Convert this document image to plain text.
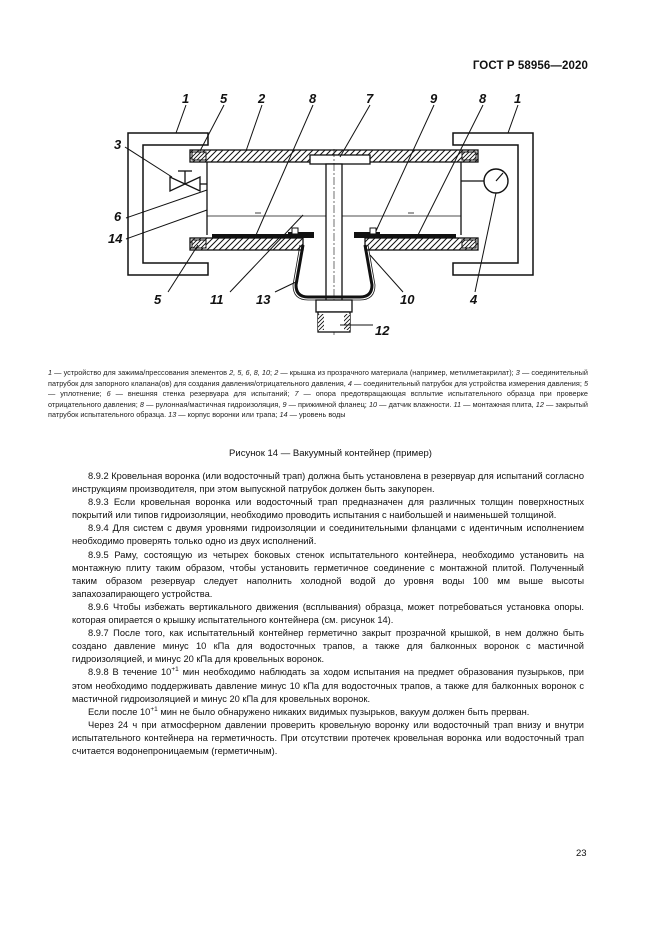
ГОСТ Р 58956—2020
1 5 2	8	7	9	8 1
3
6
14
5	11	13
12
10	4
1 — устройство для зажима/прессования элементов 2, 5, 6, 8, 10; 2 — крышка из прозрачного материала (например, метилметакрилат); 3 — соединительный патрубок для запорного клапана(ов) для создания давления/отрицательного давления, 4 — соединительный патрубок для устройства измерения давления; 5 — уплотнение; 6 — внешняя стенка резервуара для испытаний; 7 — опора предотвращающая всплытие испытательного образца при проверке отрицательного давления; 8 — рулонная/мастичная гидроизоляция, 9 — прижимной фланец; 10 — датчик влажности. 11 — монтажная плита, 12 — закрытый патрубок испытательного образца. 13 — корпус воронки или трапа; 14 — уровень воды
Рисунок 14 — Вакуумный контейнер (пример)

8.9.2 Кровельная воронка (или водосточный трап) должна быть установлена в резервуар для испытаний согласно инструкциям производителя, при этом выпускной патрубок должен быть закупорен.

8.9.3 Если кровельная воронка или водосточный трап предназначен для различных толщин поверхностных покрытий или типов гидроизоляции, необходимо проводить испытания с наибольшей и наименьшей толщиной.

8.9.4 Для систем с двумя уровнями гидроизоляции и соединительными фланцами с идентичным исполнением необходимо проверять только одно из двух исполнений.

8.9.5 Раму, состоящую из четырех боковых стенок испытательного контейнера, необходимо установить на монтажную плиту таким образом, чтобы установить герметичное соединение с монтажной плитой. Полученный таким образом резервуар следует наполнить холодной водой до уровня воды 100 мм выше высоты запахозапирающего устройства.

8.9.6 Чтобы избежать вертикального движения (всплывания) образца, может потребоваться установка опоры. которая опирается о крышку испытательного контейнера (см. рисунок 14).

8.9.7 После того, как испытательный контейнер герметично закрыт прозрачной крышкой, в нем должно быть создано давление минус 10 кПа для водосточных трапов, а также для балконных воронок с мастичной гидроизоляцией, и минус 20 кПа для кровельных воронок.

8.9.8 В течение $10^{+1}$ мин необходимо наблюдать за ходом испытания на предмет образования пузырьков, при этом необходимо поддерживать давление минус 10 кПа для водосточных трапов, а также для балконных воронок с мастичной гидроизоляцией и минус 20 кПа для кровельных воронок.

Если после $10^{+1}$ мин не было обнаружено никаких видимых пузырьков, вакуум должен быть прерван.

Через 24 ч при атмосферном давлении проверить кровельную воронку или водосточный трап внизу и внутри испытательного контейнера на герметичность. При отсутствии протечек кровельная воронка или водосточный трап считается водонепроницаемым (герметичным).

23
